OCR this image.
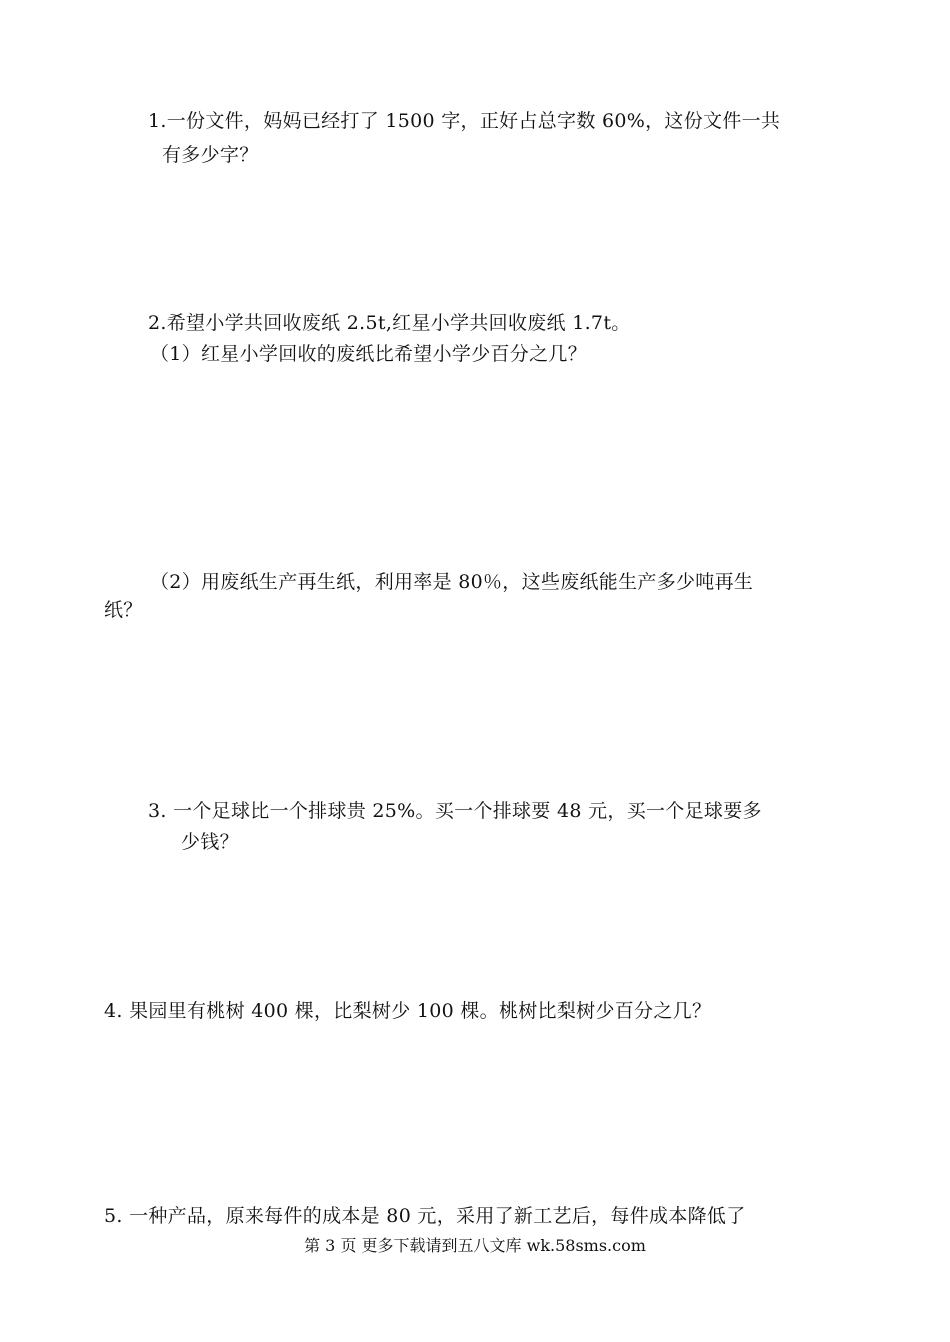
1.一份文件，妈妈已经打了 1500 字，正好占总字数 60%，这份文件一共
有多少字？
2.希望小学共回收废纸 2.5t,红星小学共回收废纸 1.7t。
（1）红星小学回收的废纸比希望小学少百分之几？
（2）用废纸生产再生纸，利用率是 80％，这些废纸能生产多少吨再生
纸？
3. 一个足球比一个排球贵 25%。买一个排球要 48 元，买一个足球要多
少钱？
4. 果园里有桃树 400 棵，比梨树少 100 棵。桃树比梨树少百分之几？
5. 一种产品，原来每件的成本是 80 元，采用了新工艺后，每件成本降低了
第 3 页 更多下载请到五八文库 wk.58sms.com
